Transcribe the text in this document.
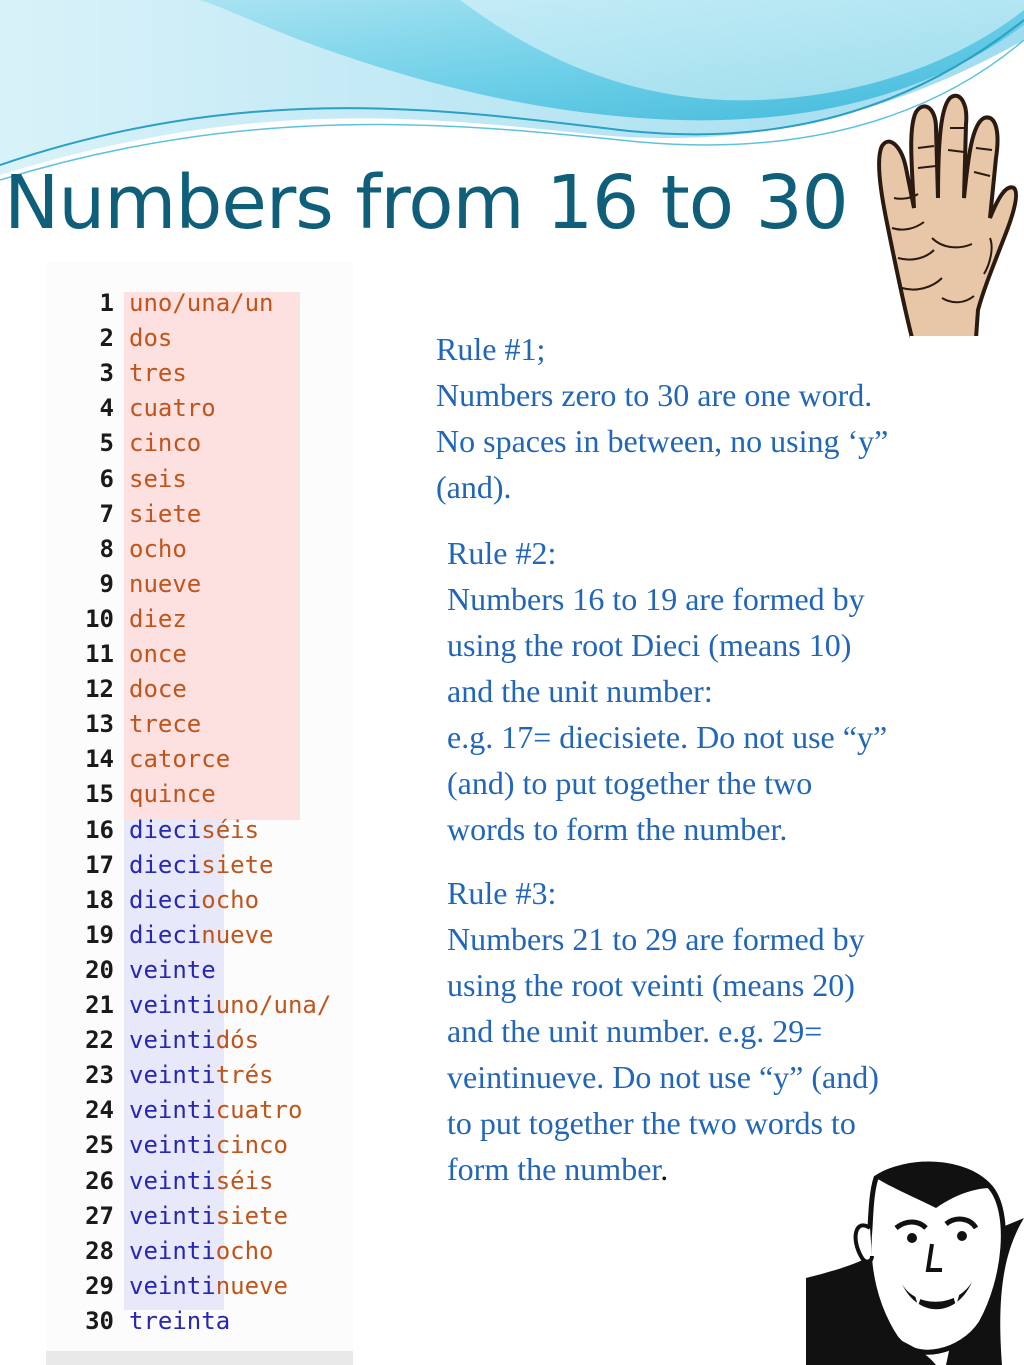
Numbers from 16 to 30
1 uno/una/un
2 dos
3 tres
4 cuatro
5 cinco
6 seis
7 siete
8 ocho
9 nueve
10 diez
11 once
12 doce
13 trece
14 catorce
15 quince
16 dieciséis
17 diecisiete
18 dieciocho
19 diecinueve
20 veinte
21 veintiuno/una/
22 veintidós
23 veintitrés
24 veinticuatro
25 veinticinco
26 veintiséis
27 veintisiete
28 veintiocho
29 veintinueve
30 treinta

Rule #1;

Numbers zero to 30 are one word.

No spaces in between, no using ‘y”

(and).

Rule #2:

Numbers 16 to 19 are formed by

using the root Dieci (means 10)

and the unit number:

e.g. 17= diecisiete. Do not use “y”

(and) to put together the two

words to form the number.

Rule #3:

Numbers 21 to 29 are formed by

using the root veinti (means 20)

and the unit number. e.g. 29=

veintinueve. Do not use “y” (and)

to put together the two words to

form the number.
